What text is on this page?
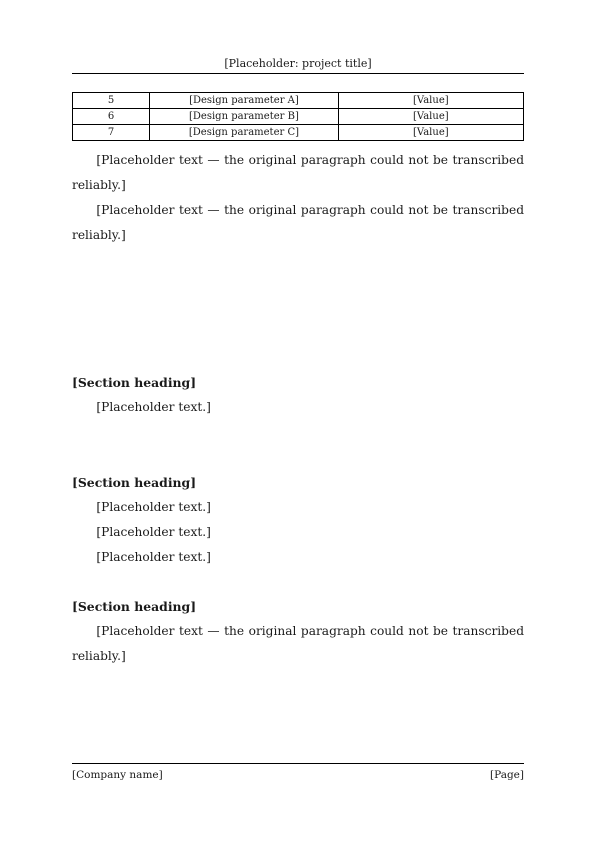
[Placeholder: project title]
5	[Design parameter A]	[Value]
6	[Design parameter B]	[Value]
7	[Design parameter C]	[Value]

[Placeholder text — the original paragraph could not be transcribed reliably.]

[Placeholder text — the original paragraph could not be transcribed reliably.]

[Section heading]

[Placeholder text.]

[Section heading]

[Placeholder text.]

[Placeholder text.]

[Placeholder text.]

[Section heading]

[Placeholder text — the original paragraph could not be transcribed reliably.]

[Company name]	[Page]
